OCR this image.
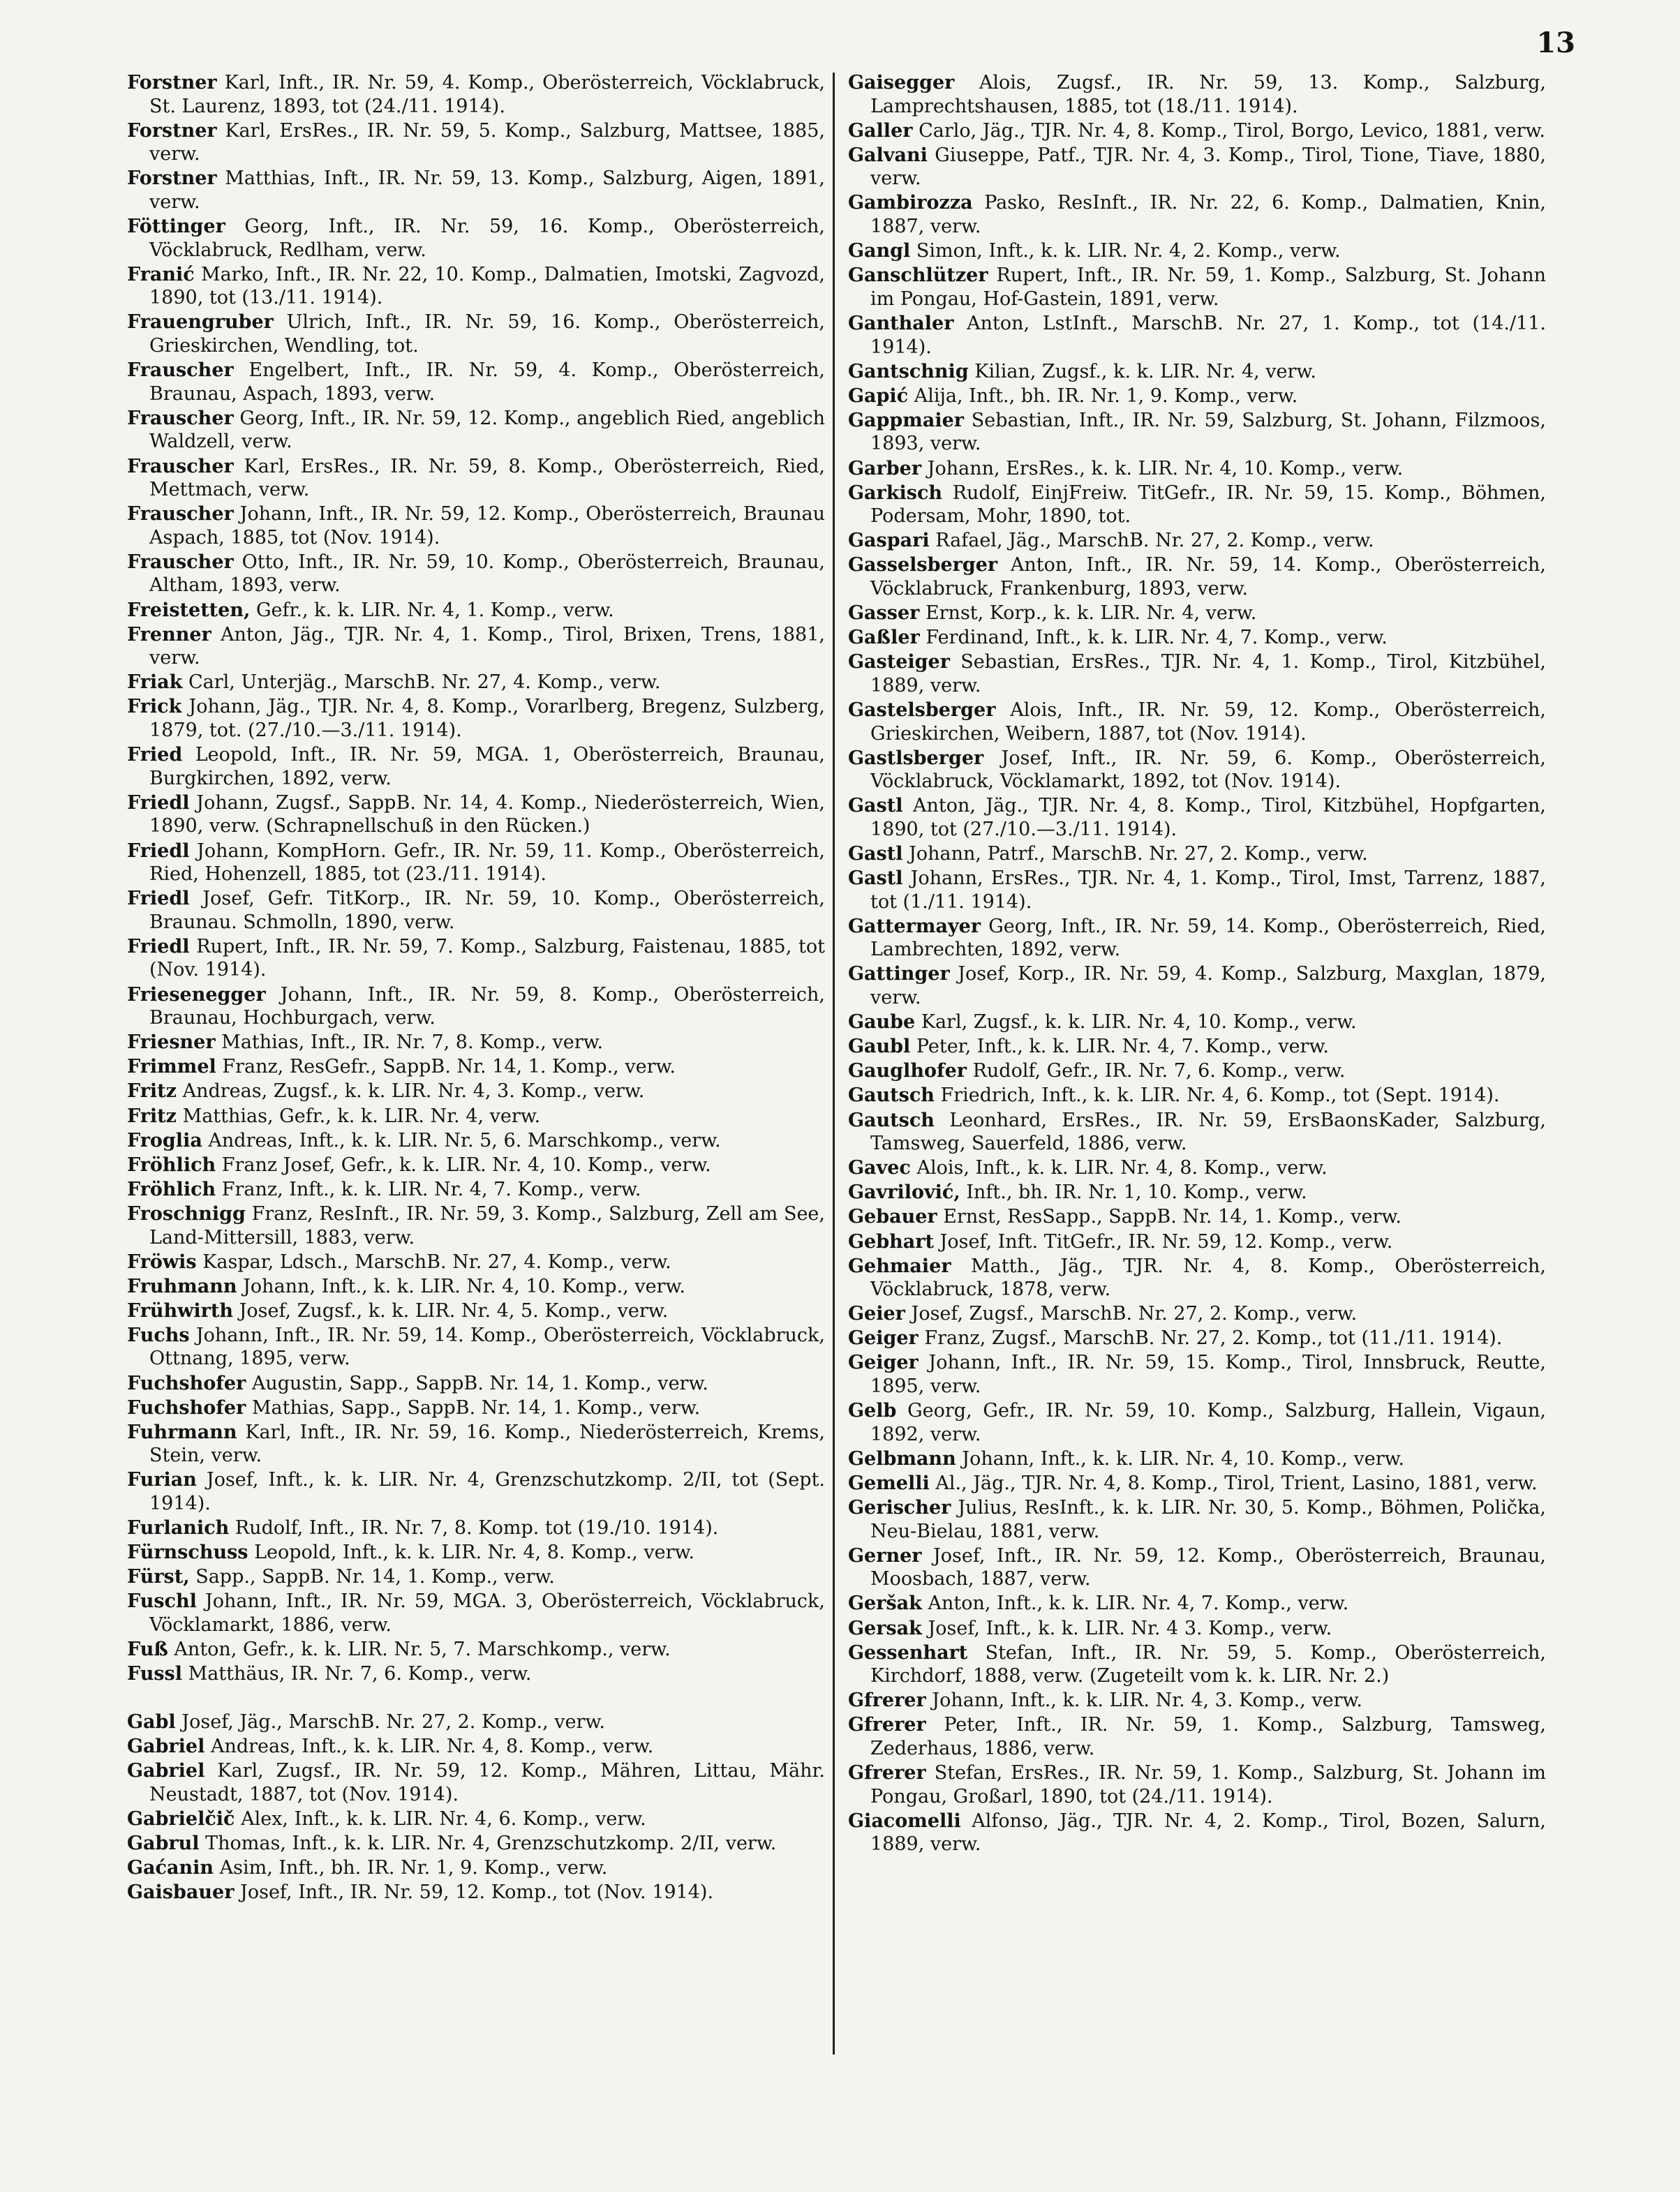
13
Forstner Karl, Inft., IR. Nr. 59, 4. Komp., Oberösterreich, Vöcklabruck, St. Laurenz, 1893, tot (24./11. 1914).
Forstner Karl, ErsRes., IR. Nr. 59, 5. Komp., Salzburg, Mattsee, 1885, verw.
Forstner Matthias, Inft., IR. Nr. 59, 13. Komp., Salzburg, Aigen, 1891, verw.
Föttinger Georg, Inft., IR. Nr. 59, 16. Komp., Oberösterreich, Vöcklabruck, Redlham, verw.
Franić Marko, Inft., IR. Nr. 22, 10. Komp., Dalmatien, Imotski, Zagvozd, 1890, tot (13./11. 1914).
Frauengruber Ulrich, Inft., IR. Nr. 59, 16. Komp., Oberösterreich, Grieskirchen, Wendling, tot.
Frauscher Engelbert, Inft., IR. Nr. 59, 4. Komp., Oberösterreich, Braunau, Aspach, 1893, verw.
Frauscher Georg, Inft., IR. Nr. 59, 12. Komp., angeblich Ried, angeblich Waldzell, verw.
Frauscher Karl, ErsRes., IR. Nr. 59, 8. Komp., Oberösterreich, Ried, Mettmach, verw.
Frauscher Johann, Inft., IR. Nr. 59, 12. Komp., Oberösterreich, Braunau Aspach, 1885, tot (Nov. 1914).
Frauscher Otto, Inft., IR. Nr. 59, 10. Komp., Oberösterreich, Braunau, Altham, 1893, verw.
Freistetten, Gefr., k. k. LIR. Nr. 4, 1. Komp., verw.
Frenner Anton, Jäg., TJR. Nr. 4, 1. Komp., Tirol, Brixen, Trens, 1881, verw.
Friak Carl, Unterjäg., MarschB. Nr. 27, 4. Komp., verw.
Frick Johann, Jäg., TJR. Nr. 4, 8. Komp., Vorarlberg, Bregenz, Sulzberg, 1879, tot. (27./10.—3./11. 1914).
Fried Leopold, Inft., IR. Nr. 59, MGA. 1, Oberösterreich, Braunau, Burgkirchen, 1892, verw.
Friedl Johann, Zugsf., SappB. Nr. 14, 4. Komp., Niederösterreich, Wien, 1890, verw. (Schrapnellschuß in den Rücken.)
Friedl Johann, KompHorn. Gefr., IR. Nr. 59, 11. Komp., Oberösterreich, Ried, Hohenzell, 1885, tot (23./11. 1914).
Friedl Josef, Gefr. TitKorp., IR. Nr. 59, 10. Komp., Oberösterreich, Braunau. Schmolln, 1890, verw.
Friedl Rupert, Inft., IR. Nr. 59, 7. Komp., Salzburg, Faistenau, 1885, tot (Nov. 1914).
Friesenegger Johann, Inft., IR. Nr. 59, 8. Komp., Oberösterreich, Braunau, Hochburgach, verw.
Friesner Mathias, Inft., IR. Nr. 7, 8. Komp., verw.
Frimmel Franz, ResGefr., SappB. Nr. 14, 1. Komp., verw.
Fritz Andreas, Zugsf., k. k. LIR. Nr. 4, 3. Komp., verw.
Fritz Matthias, Gefr., k. k. LIR. Nr. 4, verw.
Froglia Andreas, Inft., k. k. LIR. Nr. 5, 6. Marschkomp., verw.
Fröhlich Franz Josef, Gefr., k. k. LIR. Nr. 4, 10. Komp., verw.
Fröhlich Franz, Inft., k. k. LIR. Nr. 4, 7. Komp., verw.
Froschnigg Franz, ResInft., IR. Nr. 59, 3. Komp., Salzburg, Zell am See, Land-Mittersill, 1883, verw.
Fröwis Kaspar, Ldsch., MarschB. Nr. 27, 4. Komp., verw.
Fruhmann Johann, Inft., k. k. LIR. Nr. 4, 10. Komp., verw.
Frühwirth Josef, Zugsf., k. k. LIR. Nr. 4, 5. Komp., verw.
Fuchs Johann, Inft., IR. Nr. 59, 14. Komp., Oberösterreich, Vöcklabruck, Ottnang, 1895, verw.
Fuchshofer Augustin, Sapp., SappB. Nr. 14, 1. Komp., verw.
Fuchshofer Mathias, Sapp., SappB. Nr. 14, 1. Komp., verw.
Fuhrmann Karl, Inft., IR. Nr. 59, 16. Komp., Niederösterreich, Krems, Stein, verw.
Furian Josef, Inft., k. k. LIR. Nr. 4, Grenzschutzkomp. 2/II, tot (Sept. 1914).
Furlanich Rudolf, Inft., IR. Nr. 7, 8. Komp. tot (19./10. 1914).
Fürnschuss Leopold, Inft., k. k. LIR. Nr. 4, 8. Komp., verw.
Fürst, Sapp., SappB. Nr. 14, 1. Komp., verw.
Fuschl Johann, Inft., IR. Nr. 59, MGA. 3, Oberösterreich, Vöcklabruck, Vöcklamarkt, 1886, verw.
Fuß Anton, Gefr., k. k. LIR. Nr. 5, 7. Marschkomp., verw.
Fussl Matthäus, IR. Nr. 7, 6. Komp., verw.
Gabl Josef, Jäg., MarschB. Nr. 27, 2. Komp., verw.
Gabriel Andreas, Inft., k. k. LIR. Nr. 4, 8. Komp., verw.
Gabriel Karl, Zugsf., IR. Nr. 59, 12. Komp., Mähren, Littau, Mähr. Neustadt, 1887, tot (Nov. 1914).
Gabrielčič Alex, Inft., k. k. LIR. Nr. 4, 6. Komp., verw.
Gabrul Thomas, Inft., k. k. LIR. Nr. 4, Grenzschutzkomp. 2/II, verw.
Gaćanin Asim, Inft., bh. IR. Nr. 1, 9. Komp., verw.
Gaisbauer Josef, Inft., IR. Nr. 59, 12. Komp., tot (Nov. 1914).
Gaisegger Alois, Zugsf., IR. Nr. 59, 13. Komp., Salzburg, Lamprechtshausen, 1885, tot (18./11. 1914).
Galler Carlo, Jäg., TJR. Nr. 4, 8. Komp., Tirol, Borgo, Levico, 1881, verw.
Galvani Giuseppe, Patf., TJR. Nr. 4, 3. Komp., Tirol, Tione, Tiave, 1880, verw.
Gambirozza Pasko, ResInft., IR. Nr. 22, 6. Komp., Dalmatien, Knin, 1887, verw.
Gangl Simon, Inft., k. k. LIR. Nr. 4, 2. Komp., verw.
Ganschlützer Rupert, Inft., IR. Nr. 59, 1. Komp., Salzburg, St. Johann im Pongau, Hof-Gastein, 1891, verw.
Ganthaler Anton, LstInft., MarschB. Nr. 27, 1. Komp., tot (14./11. 1914).
Gantschnig Kilian, Zugsf., k. k. LIR. Nr. 4, verw.
Gapić Alija, Inft., bh. IR. Nr. 1, 9. Komp., verw.
Gappmaier Sebastian, Inft., IR. Nr. 59, Salzburg, St. Johann, Filzmoos, 1893, verw.
Garber Johann, ErsRes., k. k. LIR. Nr. 4, 10. Komp., verw.
Garkisch Rudolf, EinjFreiw. TitGefr., IR. Nr. 59, 15. Komp., Böhmen, Podersam, Mohr, 1890, tot.
Gaspari Rafael, Jäg., MarschB. Nr. 27, 2. Komp., verw.
Gasselsberger Anton, Inft., IR. Nr. 59, 14. Komp., Oberösterreich, Vöcklabruck, Frankenburg, 1893, verw.
Gasser Ernst, Korp., k. k. LIR. Nr. 4, verw.
Gaßler Ferdinand, Inft., k. k. LIR. Nr. 4, 7. Komp., verw.
Gasteiger Sebastian, ErsRes., TJR. Nr. 4, 1. Komp., Tirol, Kitzbühel, 1889, verw.
Gastelsberger Alois, Inft., IR. Nr. 59, 12. Komp., Oberösterreich, Grieskirchen, Weibern, 1887, tot (Nov. 1914).
Gastlsberger Josef, Inft., IR. Nr. 59, 6. Komp., Oberösterreich, Vöcklabruck, Vöcklamarkt, 1892, tot (Nov. 1914).
Gastl Anton, Jäg., TJR. Nr. 4, 8. Komp., Tirol, Kitzbühel, Hopfgarten, 1890, tot (27./10.—3./11. 1914).
Gastl Johann, Patrf., MarschB. Nr. 27, 2. Komp., verw.
Gastl Johann, ErsRes., TJR. Nr. 4, 1. Komp., Tirol, Imst, Tarrenz, 1887, tot (1./11. 1914).
Gattermayer Georg, Inft., IR. Nr. 59, 14. Komp., Oberösterreich, Ried, Lambrechten, 1892, verw.
Gattinger Josef, Korp., IR. Nr. 59, 4. Komp., Salzburg, Maxglan, 1879, verw.
Gaube Karl, Zugsf., k. k. LIR. Nr. 4, 10. Komp., verw.
Gaubl Peter, Inft., k. k. LIR. Nr. 4, 7. Komp., verw.
Gauglhofer Rudolf, Gefr., IR. Nr. 7, 6. Komp., verw.
Gautsch Friedrich, Inft., k. k. LIR. Nr. 4, 6. Komp., tot (Sept. 1914).
Gautsch Leonhard, ErsRes., IR. Nr. 59, ErsBaonsKader, Salzburg, Tamsweg, Sauerfeld, 1886, verw.
Gavec Alois, Inft., k. k. LIR. Nr. 4, 8. Komp., verw.
Gavrilović, Inft., bh. IR. Nr. 1, 10. Komp., verw.
Gebauer Ernst, ResSapp., SappB. Nr. 14, 1. Komp., verw.
Gebhart Josef, Inft. TitGefr., IR. Nr. 59, 12. Komp., verw.
Gehmaier Matth., Jäg., TJR. Nr. 4, 8. Komp., Oberösterreich, Vöcklabruck, 1878, verw.
Geier Josef, Zugsf., MarschB. Nr. 27, 2. Komp., verw.
Geiger Franz, Zugsf., MarschB. Nr. 27, 2. Komp., tot (11./11. 1914).
Geiger Johann, Inft., IR. Nr. 59, 15. Komp., Tirol, Innsbruck, Reutte, 1895, verw.
Gelb Georg, Gefr., IR. Nr. 59, 10. Komp., Salzburg, Hallein, Vigaun, 1892, verw.
Gelbmann Johann, Inft., k. k. LIR. Nr. 4, 10. Komp., verw.
Gemelli Al., Jäg., TJR. Nr. 4, 8. Komp., Tirol, Trient, Lasino, 1881, verw.
Gerischer Julius, ResInft., k. k. LIR. Nr. 30, 5. Komp., Böhmen, Polička, Neu-Bielau, 1881, verw.
Gerner Josef, Inft., IR. Nr. 59, 12. Komp., Oberösterreich, Braunau, Moosbach, 1887, verw.
Geršak Anton, Inft., k. k. LIR. Nr. 4, 7. Komp., verw.
Gersak Josef, Inft., k. k. LIR. Nr. 4 3. Komp., verw.
Gessenhart Stefan, Inft., IR. Nr. 59, 5. Komp., Oberösterreich, Kirchdorf, 1888, verw. (Zugeteilt vom k. k. LIR. Nr. 2.)
Gfrerer Johann, Inft., k. k. LIR. Nr. 4, 3. Komp., verw.
Gfrerer Peter, Inft., IR. Nr. 59, 1. Komp., Salzburg, Tamsweg, Zederhaus, 1886, verw.
Gfrerer Stefan, ErsRes., IR. Nr. 59, 1. Komp., Salzburg, St. Johann im Pongau, Großarl, 1890, tot (24./11. 1914).
Giacomelli Alfonso, Jäg., TJR. Nr. 4, 2. Komp., Tirol, Bozen, Salurn, 1889, verw.
